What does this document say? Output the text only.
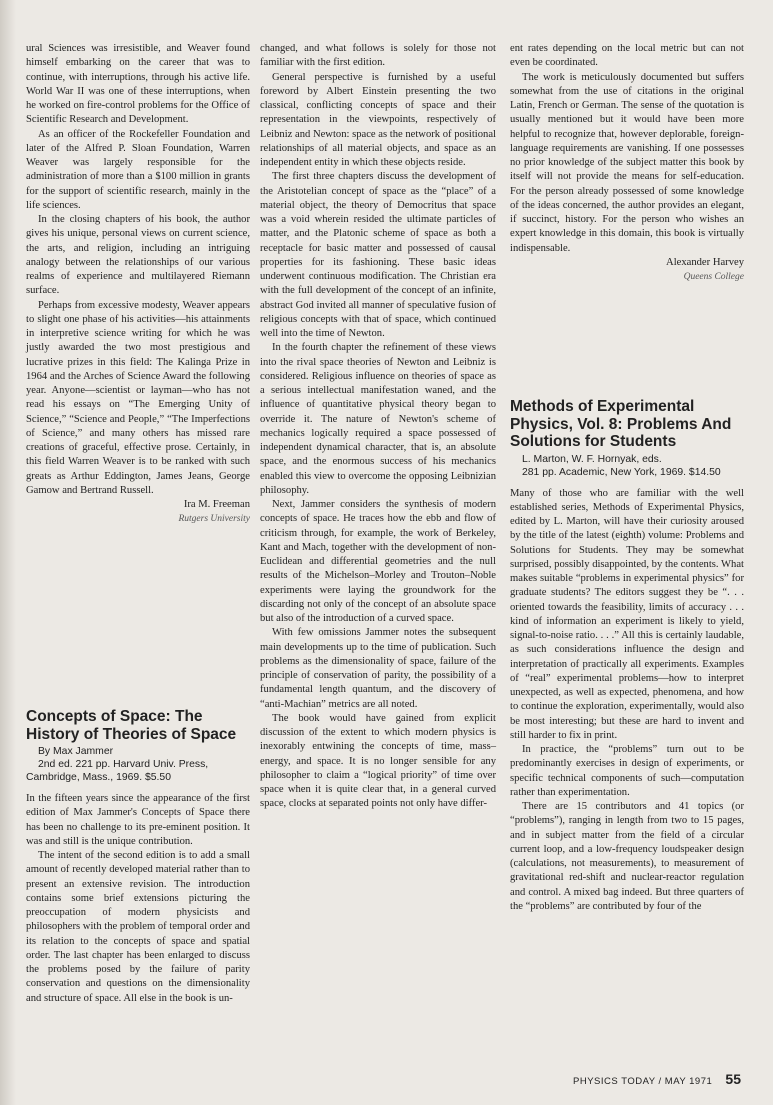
ural Sciences was irresistible, and Weaver found himself embarking on the career that was to continue, with interruptions, through his active life. World War II was one of these interruptions, when he worked on fire-control problems for the Office of Scientific Research and Development.

As an officer of the Rockefeller Foundation and later of the Alfred P. Sloan Foundation, Warren Weaver was largely responsible for the administration of more than a $100 million in grants for the support of scientific research, mainly in the life sciences.

In the closing chapters of his book, the author gives his unique, personal views on current science, the arts, and religion, including an intriguing analogy between the relationships of our various realms of experience and multilayered Riemann surface.

Perhaps from excessive modesty, Weaver appears to slight one phase of his activities—his attainments in interpretive science writing for which he was justly awarded the two most prestigious and lucrative prizes in this field: The Kalinga Prize in 1964 and the Arches of Science Award the following year. Anyone—scientist or layman—who has not read his essays on “The Emerging Unity of Science,” “Science and People,” “The Imperfections of Science,” and many others has missed rare creations of graceful, effective prose. Certainly, in this field Warren Weaver is to be ranked with such greats as Arthur Eddington, James Jeans, George Gamow and Bertrand Russell.

Ira M. Freeman

Rutgers University

Concepts of Space: The History of Theories of Space

By Max Jammer

2nd ed. 221 pp. Harvard Univ. Press, Cambridge, Mass., 1969. $5.50

In the fifteen years since the appearance of the first edition of Max Jammer's Concepts of Space there has been no challenge to its pre-eminent position. It was and still is the unique contribution.

The intent of the second edition is to add a small amount of recently developed material rather than to present an extensive revision. The introduction contains some brief extensions picturing the preoccupation of modern physicists and philosophers with the problem of temporal order and its relation to the concepts of space and spatial order. The last chapter has been enlarged to discuss the problems posed by the failure of parity conservation and questions on the dimensionality and structure of space. All else in the book is un-

changed, and what follows is solely for those not familiar with the first edition.

General perspective is furnished by a useful foreword by Albert Einstein presenting the two classical, conflicting concepts of space and their representation in the viewpoints, respectively of Leibniz and Newton: space as the network of positional relationships of all material objects, and space as an independent entity in which these objects reside.

The first three chapters discuss the development of the Aristotelian concept of space as the “place” of a material object, the theory of Democritus that space was a void wherein resided the ultimate particles of matter, and the Platonic scheme of space as both a receptacle for basic matter and possessed of causal properties for its fashioning. These basic ideas underwent continuous modification. The Christian era with the full development of the concept of an infinite, abstract God invited all manner of speculative fusion of religious concepts with that of space, which continued well into the time of Newton.

In the fourth chapter the refinement of these views into the rival space theories of Newton and Leibniz is considered. Religious influence on theories of space as a serious intellectual manifestation waned, and the influence of quantitative physical theory began to override it. The nature of Newton's scheme of mechanics logically required a space possessed of independent dynamical character, that is, an absolute space, and the enormous success of his mechanics enabled this view to overcome the opposing Leibnizian philosophy.

Next, Jammer considers the synthesis of modern concepts of space. He traces how the ebb and flow of criticism through, for example, the work of Berkeley, Kant and Mach, together with the development of non-Euclidean and differential geometries and the null results of the Michelson–Morley and Trouton–Noble experiments were laying the groundwork for the discarding not only of the concept of an absolute space but also of the introduction of a curved space.

With few omissions Jammer notes the subsequent main developments up to the time of publication. Such problems as the dimensionality of space, failure of the principle of conservation of parity, the possibility of a fundamental length quantum, and the discovery of “anti-Machian” metrics are all noted.

The book would have gained from explicit discussion of the extent to which modern physics is inexorably entwining the concepts of time, mass–energy, and space. It is no longer sensible for any philosopher to claim a “logical priority” of time over space when it is quite clear that, in a general curved space, clocks at separated points not only have differ-

ent rates depending on the local metric but can not even be coordinated.

The work is meticulously documented but suffers somewhat from the use of citations in the original Latin, French or German. The sense of the quotation is usually mentioned but it would have been more helpful to recognize that, however deplorable, foreign-language requirements are vanishing. If one possesses no prior knowledge of the subject matter this book by itself will not provide the means for self-education. For the person already possessed of some knowledge of the ideas concerned, the author provides an elegant, if succinct, history. For the person who wishes an expert knowledge in this domain, this book is virtually indispensable.

Alexander Harvey

Queens College

Methods of Experimental Physics, Vol. 8: Problems And Solutions for Students

L. Marton, W. F. Hornyak, eds.

281 pp. Academic, New York, 1969. $14.50

Many of those who are familiar with the well established series, Methods of Experimental Physics, edited by L. Marton, will have their curiosity aroused by the title of the latest (eighth) volume: Problems and Solutions for Students. They may be somewhat surprised, possibly disappointed, by the contents. What makes suitable “problems in experimental physics” for graduate students? The editors suggest they be “. . . oriented towards the feasibility, limits of accuracy . . . kind of information an experiment is likely to yield, signal-to-noise ratio. . . .” All this is certainly laudable, as such considerations influence the design and interpretation of practically all experiments. Examples of “real” experimental problems—how to interpret unexpected, as well as expected, phenomena, and how to continue the exploration, experimentally, would also be most interesting; but these are hard to invent and still harder to fix in print.

In practice, the “problems” turn out to be predominantly exercises in design of experiments, or specific technical components of such—computation rather than experimentation.

There are 15 contributors and 41 topics (or “problems”), ranging in length from two to 15 pages, and in subject matter from the field of a circular current loop, and a low-frequency loudspeaker design (calculations, not measurements), to measurement of gravitational red-shift and nuclear-reactor regulation and control. A mixed bag indeed. But three quarters of the “problems” are contributed by four of the

PHYSICS TODAY / MAY 1971 55
